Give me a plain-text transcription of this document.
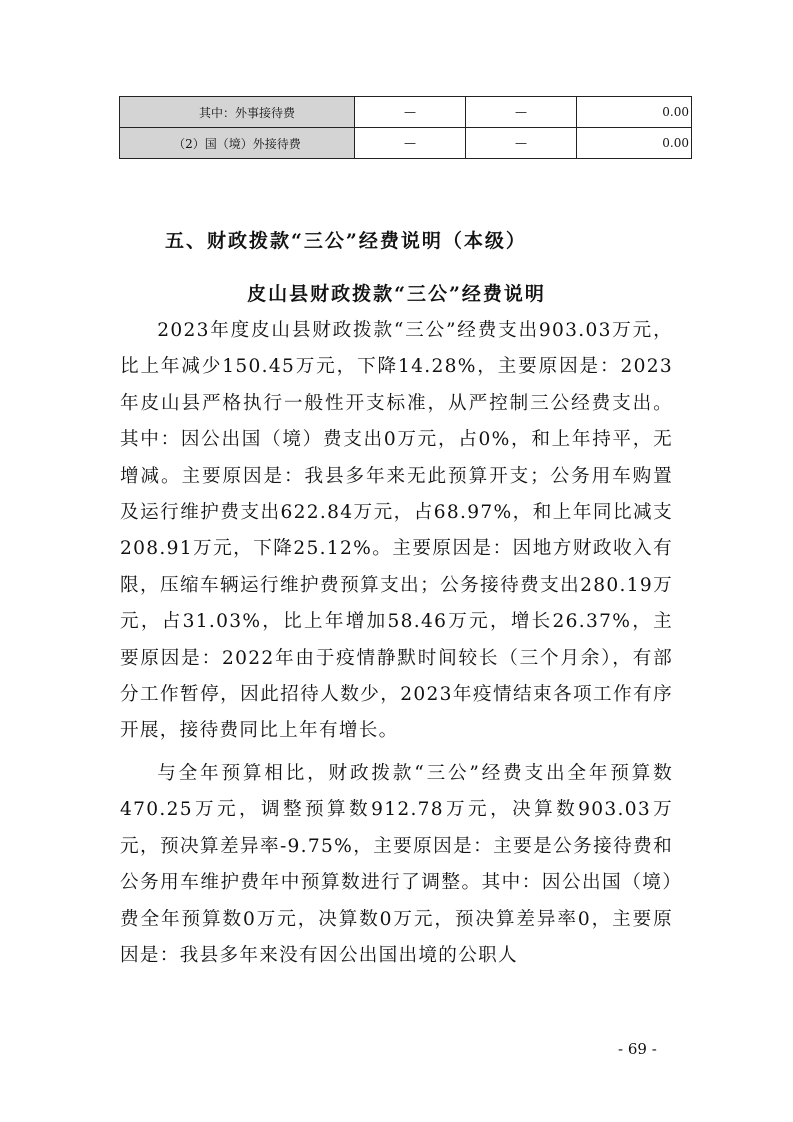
其中：外事接待费	—	—	0.00
（2）国（境）外接待费	—	—	0.00
五、财政拨款“三公”经费说明（本级）
皮山县财政拨款“三公”经费说明

2023年度皮山县财政拨款“三公”经费支出903.03万元，比上年减少150.45万元，下降14.28%，主要原因是：2023年皮山县严格执行一般性开支标准，从严控制三公经费支出。其中：因公出国（境）费支出0万元，占0%，和上年持平，无增减。主要原因是：我县多年来无此预算开支；公务用车购置及运行维护费支出622.84万元，占68.97%，和上年同比减支208.91万元，下降25.12%。主要原因是：因地方财政收入有限，压缩车辆运行维护费预算支出；公务接待费支出280.19万元，占31.03%，比上年增加58.46万元，增长26.37%，主要原因是：2022年由于疫情静默时间较长（三个月余），有部分工作暂停，因此招待人数少，2023年疫情结束各项工作有序开展，接待费同比上年有增长。

与全年预算相比，财政拨款“三公”经费支出全年预算数470.25万元，调整预算数912.78万元，决算数903.03万元，预决算差异率-9.75%，主要原因是：主要是公务接待费和公务用车维护费年中预算数进行了调整。其中：因公出国（境）费全年预算数0万元，决算数0万元，预决算差异率0，主要原因是：我县多年来没有因公出国出境的公职人

- 69 -
